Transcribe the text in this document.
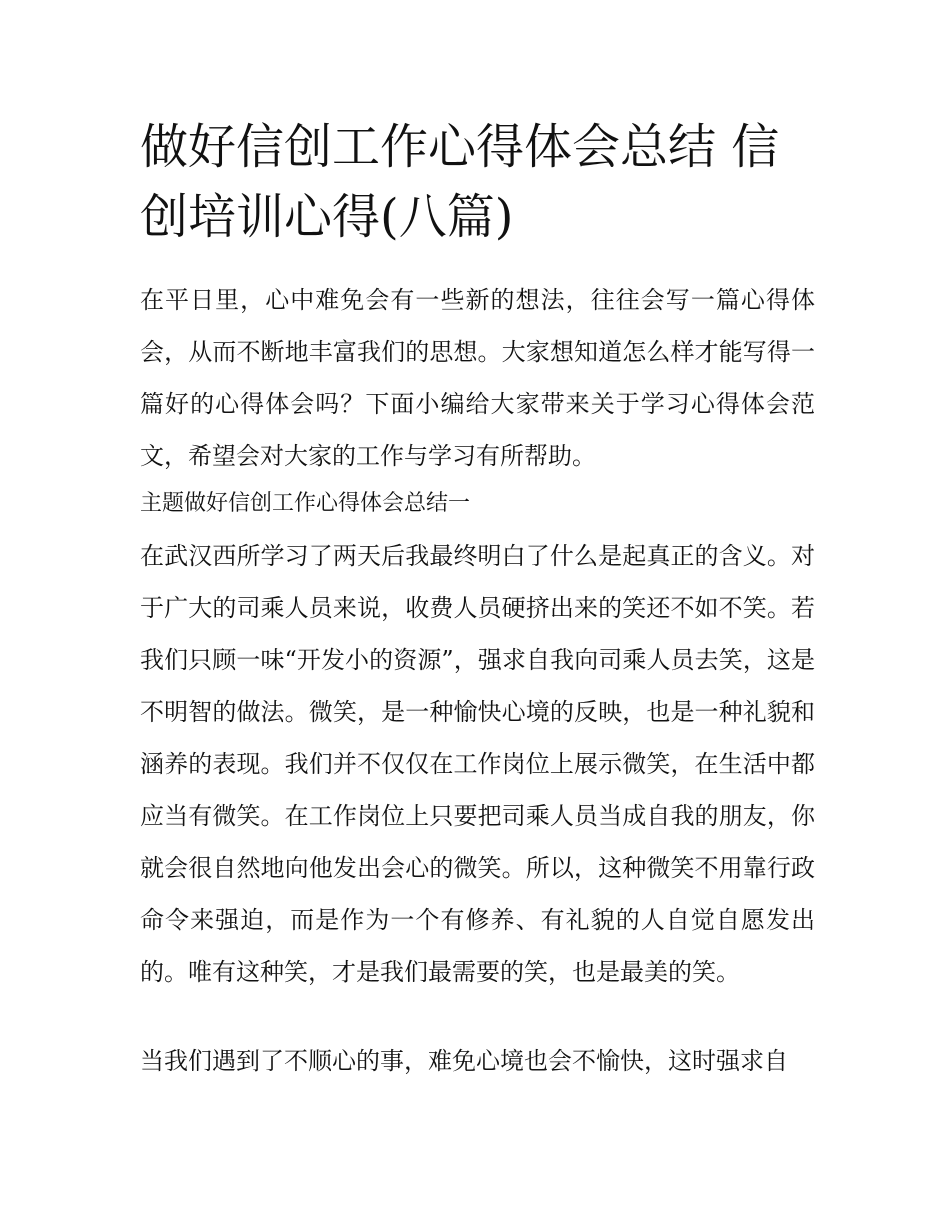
做好信创工作心得体会总结 信创培训心得(八篇)

在平日里，心中难免会有一些新的想法，往往会写一篇心得体会，从而不断地丰富我们的思想。大家想知道怎么样才能写得一篇好的心得体会吗？下面小编给大家带来关于学习心得体会范文，希望会对大家的工作与学习有所帮助。

主题做好信创工作心得体会总结一

在武汉西所学习了两天后我最终明白了什么是起真正的含义。对于广大的司乘人员来说，收费人员硬挤出来的笑还不如不笑。若我们只顾一味“开发小的资源”，强求自我向司乘人员去笑，这是不明智的做法。微笑，是一种愉快心境的反映，也是一种礼貌和涵养的表现。我们并不仅仅在工作岗位上展示微笑，在生活中都应当有微笑。在工作岗位上只要把司乘人员当成自我的朋友，你就会很自然地向他发出会心的微笑。所以，这种微笑不用靠行政命令来强迫，而是作为一个有修养、有礼貌的人自觉自愿发出的。唯有这种笑，才是我们最需要的笑，也是最美的笑。

当我们遇到了不顺心的事，难免心境也会不愉快，这时强求自
